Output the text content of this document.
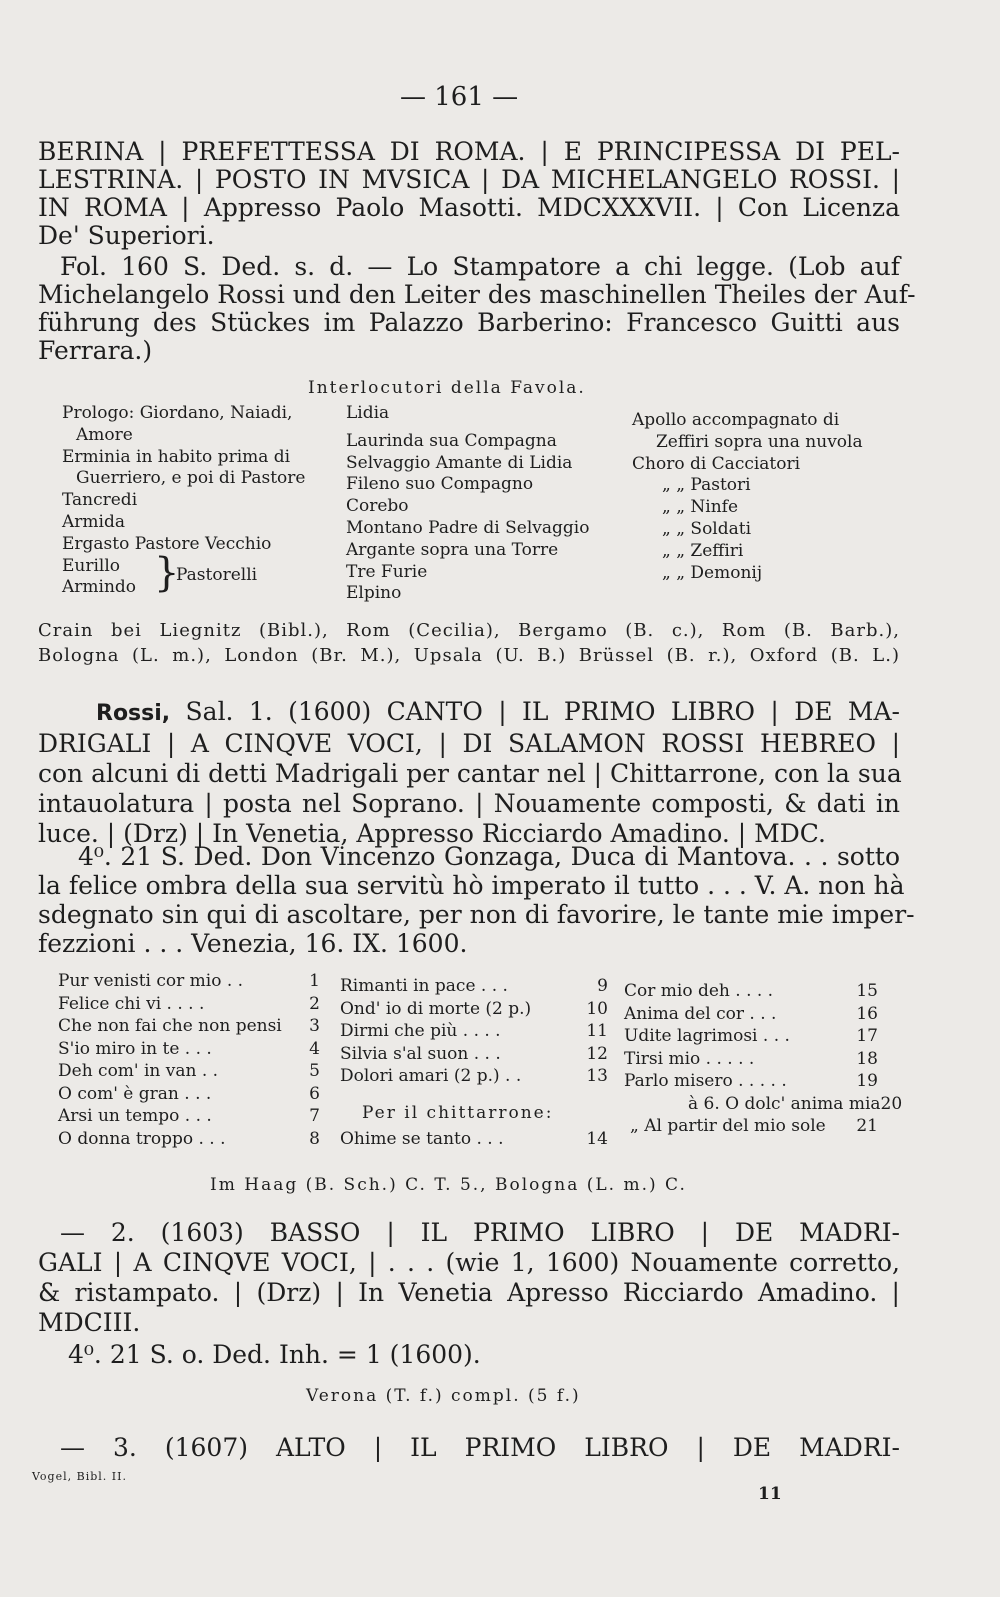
— 161 —
BERINA | PREFETTESSA DI ROMA. | E PRINCIPESSA DI PEL-
LESTRINA. | POSTO IN MVSICA | DA MICHELANGELO ROSSI. |
IN ROMA | Appresso Paolo Masotti. MDCXXXVII. | Con Licenza
De' Superiori.
Fol. 160 S. Ded. s. d. — Lo Stampatore a chi legge. (Lob auf
Michelangelo Rossi und den Leiter des maschinellen Theiles der Auf-
führung des Stückes im Palazzo Barberino: Francesco Guitti aus
Ferrara.)
Interlocutori della Favola.
Prologo: Giordano, Naiadi,
Amore
Erminia in habito prima di
Guerriero, e poi di Pastore
Tancredi
Armida
Ergasto Pastore Vecchio
Eurillo
Armindo }
Pastorelli
Lidia
Laurinda sua Compagna
Selvaggio Amante di Lidia
Fileno suo Compagno
Corebo
Montano Padre di Selvaggio
Argante sopra una Torre
Tre Furie
Elpino
Apollo accompagnato di
Zeffiri sopra una nuvola
Choro di Cacciatori
„ „ Pastori
„ „ Ninfe
„ „ Soldati
„ „ Zeffiri
„ „ Demonij
Crain bei Liegnitz (Bibl.), Rom (Cecilia), Bergamo (B. c.), Rom (B. Barb.),
Bologna (L. m.), London (Br. M.), Upsala (U. B.) Brüssel (B. r.), Oxford (B. L.)
Rossi, Sal. 1. (1600) CANTO | IL PRIMO LIBRO | DE MA-
DRIGALI | A CINQVE VOCI, | DI SALAMON ROSSI HEBREO |
con alcuni di detti Madrigali per cantar nel | Chittarrone, con la sua
intauolatura | posta nel Soprano. | Nouamente composti, & dati in
luce. | (Drz) | In Venetia, Appresso Ricciardo Amadino. | MDC.
4⁰. 21 S. Ded. Don Vincenzo Gonzaga, Duca di Mantova. . . sotto
la felice ombra della sua servitù hò imperato il tutto . . . V. A. non hà
sdegnato sin qui di ascoltare, per non di favorire, le tante mie imper-
fezzioni . . . Venezia, 16. IX. 1600.
Pur venisti cor mio . .	1
Felice chi vi . . . .	2
Che non fai che non pensi 3
S'io miro in te . . .	4
Deh com' in van . .	5
O com' è gran . . .	6
Arsi un tempo . . .	7
O donna troppo . . .	8
Rimanti in pace . . .	9
Ond' io di morte (2 p.)	10
Dirmi che più . . . .	11
Silvia s'al suon . . .	12
Dolori amari (2 p.) . .	13
Per il chittarrone:
Ohime se tanto . . .	14
Cor mio deh . . . .	15
Anima del cor . . .	16
Udite lagrimosi . . .	17
Tirsi mio . . . . .	18
Parlo misero . . . . .	19
à 6. O dolc' anima mia 20
„ Al partir del mio sole 21
Im Haag (B. Sch.) C. T. 5., Bologna (L. m.) C.
— 2. (1603) BASSO | IL PRIMO LIBRO | DE MADRI-
GALI | A CINQVE VOCI, | . . . (wie 1, 1600) Nouamente corretto,
& ristampato. | (Drz) | In Venetia Apresso Ricciardo Amadino. |
MDCIII.
4⁰. 21 S. o. Ded. Inh. = 1 (1600).
Verona (T. f.) compl. (5 f.)
— 3. (1607) ALTO | IL PRIMO LIBRO | DE MADRI-
Vogel, Bibl. II.
11
